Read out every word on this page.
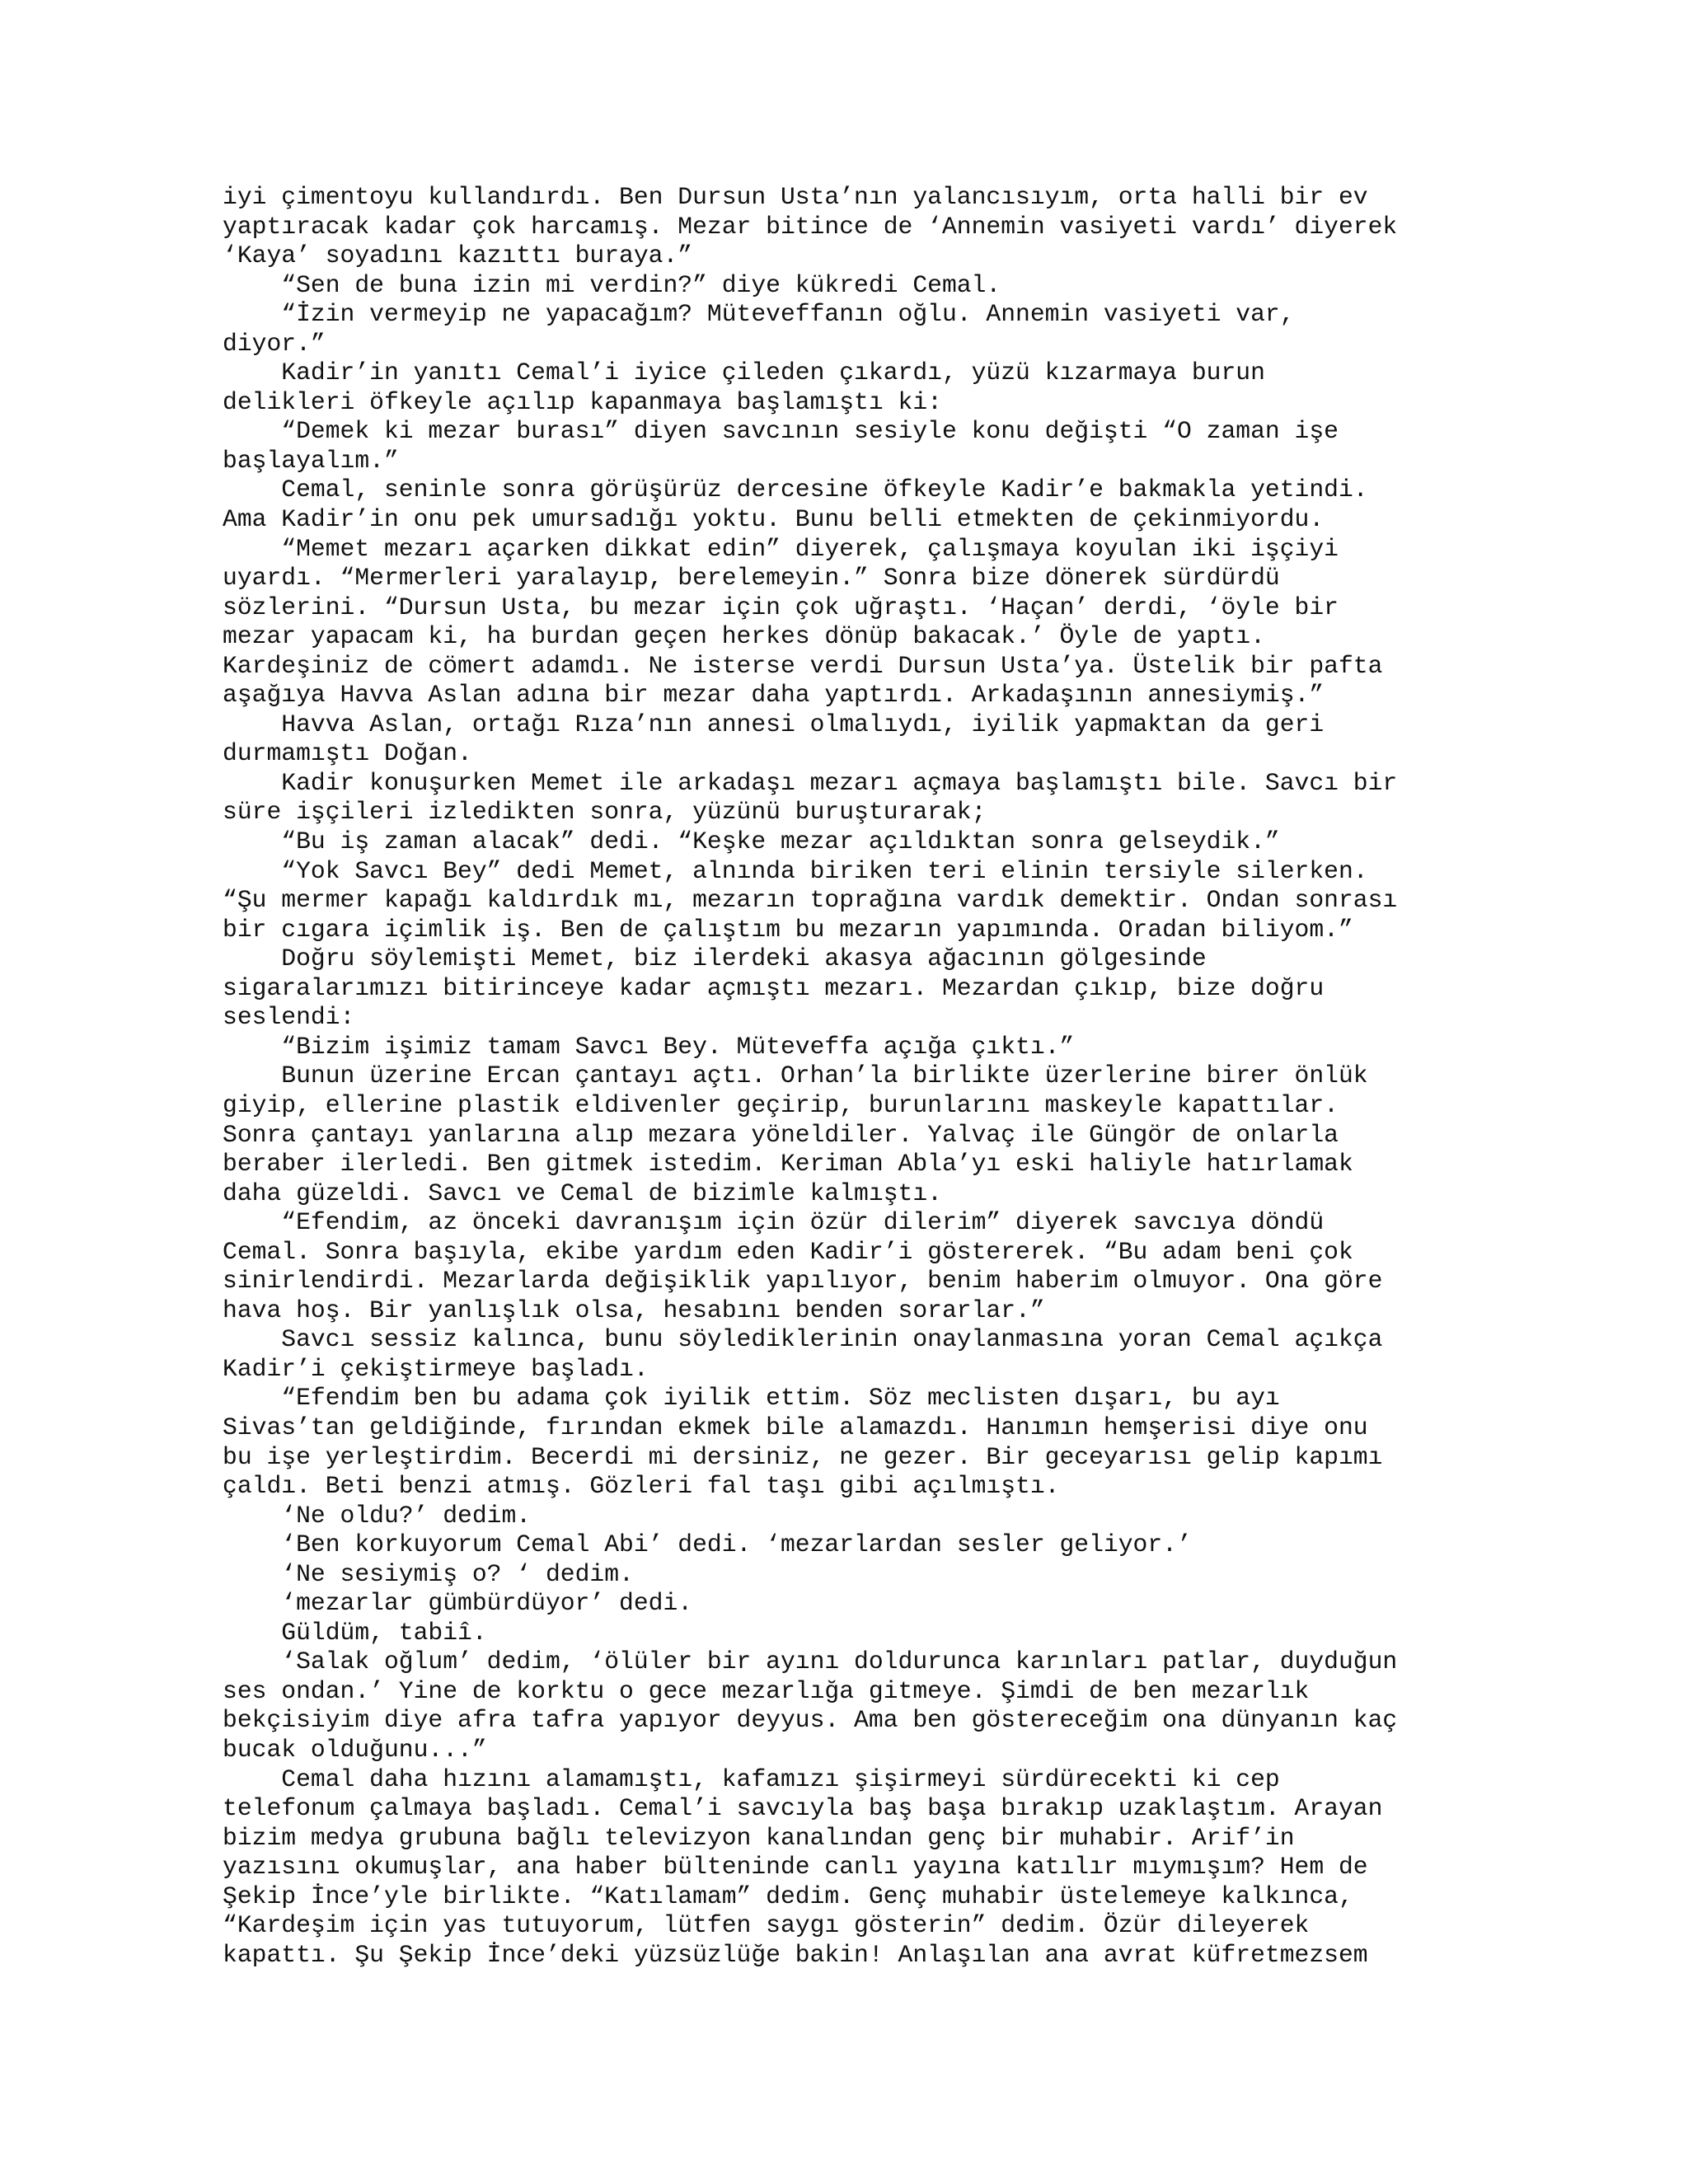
iyi çimentoyu kullandırdı. Ben Dursun Usta’nın yalancısıyım, orta halli bir ev
yaptıracak kadar çok harcamış. Mezar bitince de ‘Annemin vasiyeti vardı’ diyerek
‘Kaya’ soyadını kazıttı buraya.”
“Sen de buna izin mi verdin?” diye kükredi Cemal.
“İzin vermeyip ne yapacağım? Müteveffanın oğlu. Annemin vasiyeti var,
diyor.”
Kadir’in yanıtı Cemal’i iyice çileden çıkardı, yüzü kızarmaya burun
delikleri öfkeyle açılıp kapanmaya başlamıştı ki:
“Demek ki mezar burası” diyen savcının sesiyle konu değişti “O zaman işe
başlayalım.”
Cemal, seninle sonra görüşürüz dercesine öfkeyle Kadir’e bakmakla yetindi.
Ama Kadir’in onu pek umursadığı yoktu. Bunu belli etmekten de çekinmiyordu.
“Memet mezarı açarken dikkat edin” diyerek, çalışmaya koyulan iki işçiyi
uyardı. “Mermerleri yaralayıp, berelemeyin.” Sonra bize dönerek sürdürdü
sözlerini. “Dursun Usta, bu mezar için çok uğraştı. ‘Haçan’ derdi, ‘öyle bir
mezar yapacam ki, ha burdan geçen herkes dönüp bakacak.’ Öyle de yaptı.
Kardeşiniz de cömert adamdı. Ne isterse verdi Dursun Usta’ya. Üstelik bir pafta
aşağıya Havva Aslan adına bir mezar daha yaptırdı. Arkadaşının annesiymiş.”
Havva Aslan, ortağı Rıza’nın annesi olmalıydı, iyilik yapmaktan da geri
durmamıştı Doğan.
Kadir konuşurken Memet ile arkadaşı mezarı açmaya başlamıştı bile. Savcı bir
süre işçileri izledikten sonra, yüzünü buruşturarak;
“Bu iş zaman alacak” dedi. “Keşke mezar açıldıktan sonra gelseydik.”
“Yok Savcı Bey” dedi Memet, alnında biriken teri elinin tersiyle silerken.
“Şu mermer kapağı kaldırdık mı, mezarın toprağına vardık demektir. Ondan sonrası
bir cıgara içimlik iş. Ben de çalıştım bu mezarın yapımında. Oradan biliyom.”
Doğru söylemişti Memet, biz ilerdeki akasya ağacının gölgesinde
sigaralarımızı bitirinceye kadar açmıştı mezarı. Mezardan çıkıp, bize doğru
seslendi:
“Bizim işimiz tamam Savcı Bey. Müteveffa açığa çıktı.”
Bunun üzerine Ercan çantayı açtı. Orhan’la birlikte üzerlerine birer önlük
giyip, ellerine plastik eldivenler geçirip, burunlarını maskeyle kapattılar.
Sonra çantayı yanlarına alıp mezara yöneldiler. Yalvaç ile Güngör de onlarla
beraber ilerledi. Ben gitmek istedim. Keriman Abla’yı eski haliyle hatırlamak
daha güzeldi. Savcı ve Cemal de bizimle kalmıştı.
“Efendim, az önceki davranışım için özür dilerim” diyerek savcıya döndü
Cemal. Sonra başıyla, ekibe yardım eden Kadir’i göstererek. “Bu adam beni çok
sinirlendirdi. Mezarlarda değişiklik yapılıyor, benim haberim olmuyor. Ona göre
hava hoş. Bir yanlışlık olsa, hesabını benden sorarlar.”
Savcı sessiz kalınca, bunu söylediklerinin onaylanmasına yoran Cemal açıkça
Kadir’i çekiştirmeye başladı.
“Efendim ben bu adama çok iyilik ettim. Söz meclisten dışarı, bu ayı
Sivas’tan geldiğinde, fırından ekmek bile alamazdı. Hanımın hemşerisi diye onu
bu işe yerleştirdim. Becerdi mi dersiniz, ne gezer. Bir geceyarısı gelip kapımı
çaldı. Beti benzi atmış. Gözleri fal taşı gibi açılmıştı.
‘Ne oldu?’ dedim.
‘Ben korkuyorum Cemal Abi’ dedi. ‘mezarlardan sesler geliyor.’
‘Ne sesiymiş o? ‘ dedim.
‘mezarlar gümbürdüyor’ dedi.
Güldüm, tabiî.
‘Salak oğlum’ dedim, ‘ölüler bir ayını doldurunca karınları patlar, duyduğun
ses ondan.’ Yine de korktu o gece mezarlığa gitmeye. Şimdi de ben mezarlık
bekçisiyim diye afra tafra yapıyor deyyus. Ama ben göstereceğim ona dünyanın kaç
bucak olduğunu...”
Cemal daha hızını alamamıştı, kafamızı şişirmeyi sürdürecekti ki cep
telefonum çalmaya başladı. Cemal’i savcıyla baş başa bırakıp uzaklaştım. Arayan
bizim medya grubuna bağlı televizyon kanalından genç bir muhabir. Arif’in
yazısını okumuşlar, ana haber bülteninde canlı yayına katılır mıymışım? Hem de
Şekip İnce’yle birlikte. “Katılamam” dedim. Genç muhabir üstelemeye kalkınca,
“Kardeşim için yas tutuyorum, lütfen saygı gösterin” dedim. Özür dileyerek
kapattı. Şu Şekip İnce’deki yüzsüzlüğe bakin! Anlaşılan ana avrat küfretmezsem
